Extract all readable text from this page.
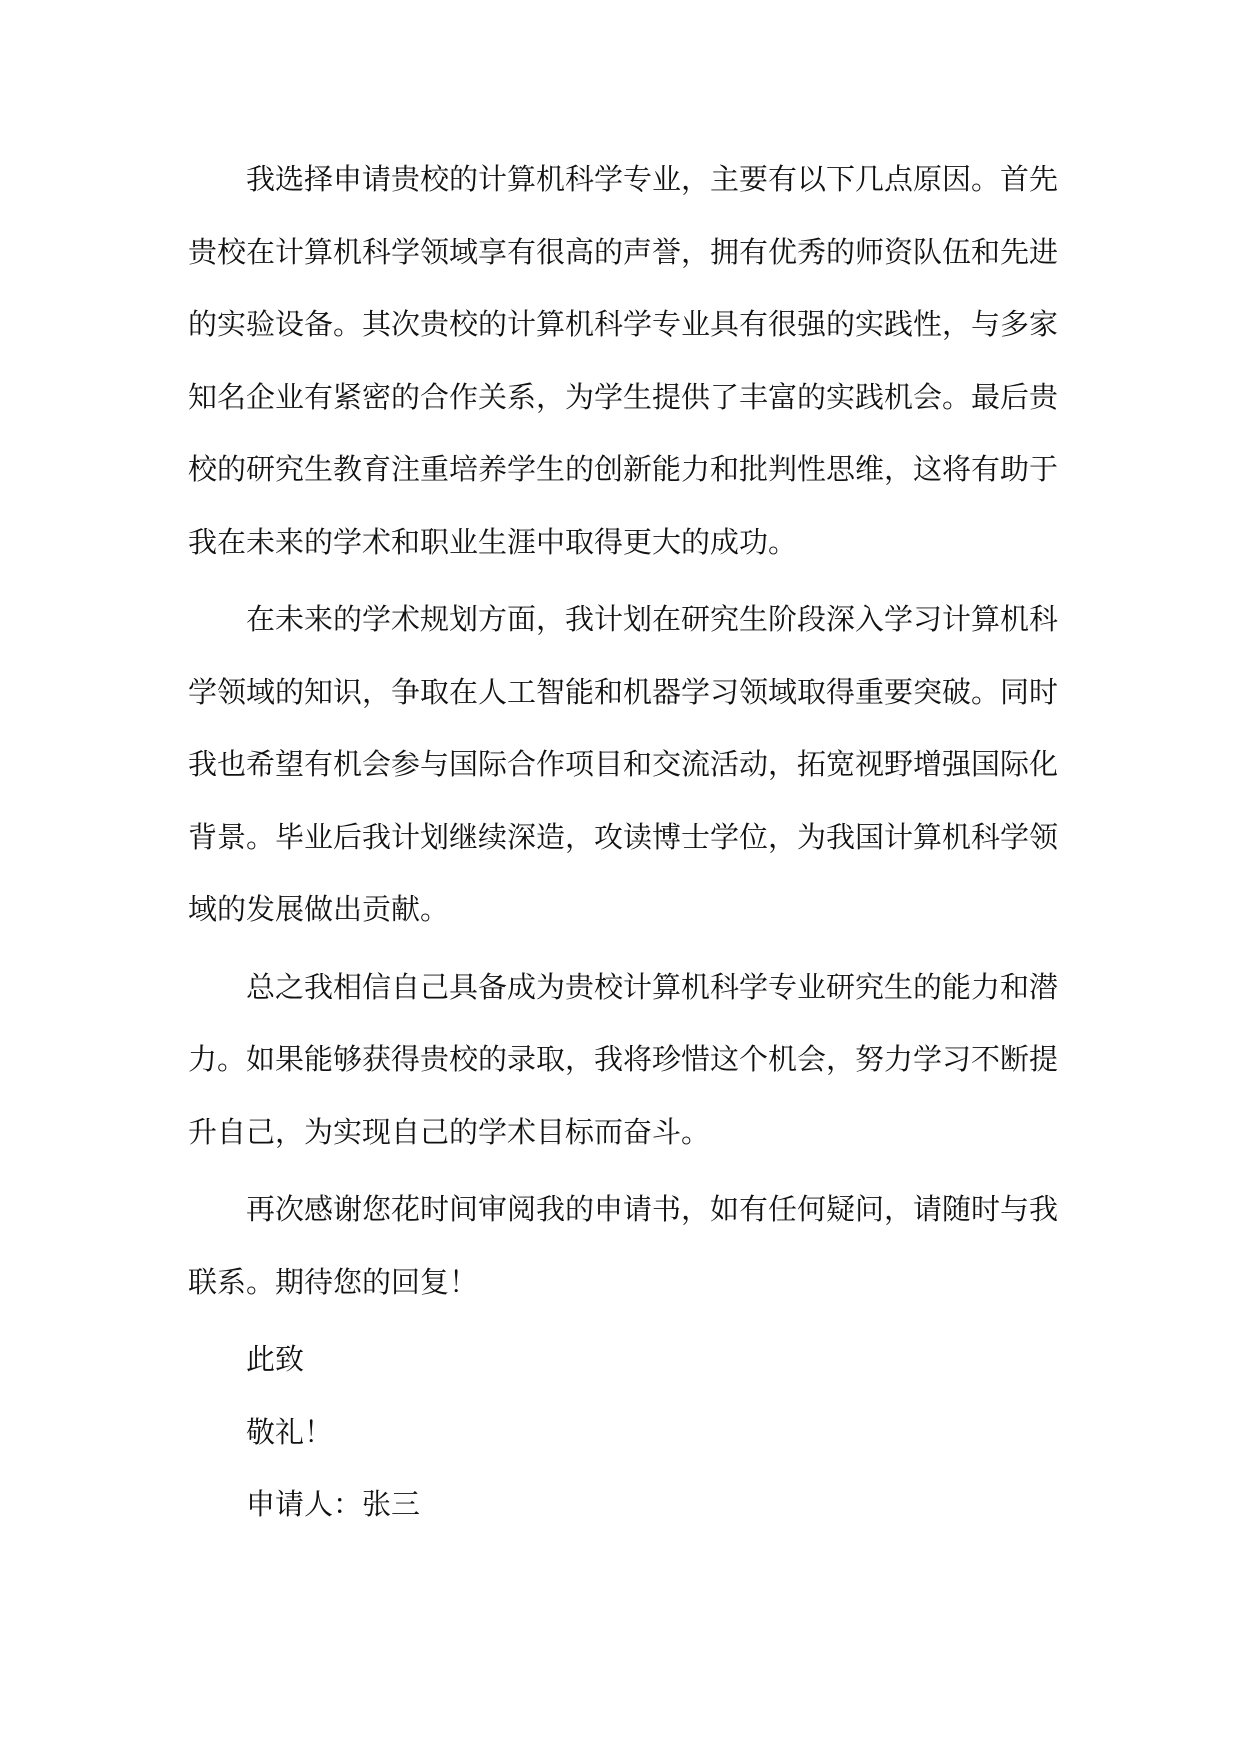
我选择申请贵校的计算机科学专业，主要有以下几点原因。首先贵校在计算机科学领域享有很高的声誉，拥有优秀的师资队伍和先进的实验设备。其次贵校的计算机科学专业具有很强的实践性，与多家知名企业有紧密的合作关系，为学生提供了丰富的实践机会。最后贵校的研究生教育注重培养学生的创新能力和批判性思维，这将有助于我在未来的学术和职业生涯中取得更大的成功。

在未来的学术规划方面，我计划在研究生阶段深入学习计算机科学领域的知识，争取在人工智能和机器学习领域取得重要突破。同时我也希望有机会参与国际合作项目和交流活动，拓宽视野增强国际化背景。毕业后我计划继续深造，攻读博士学位，为我国计算机科学领域的发展做出贡献。

总之我相信自己具备成为贵校计算机科学专业研究生的能力和潜力。如果能够获得贵校的录取，我将珍惜这个机会，努力学习不断提升自己，为实现自己的学术目标而奋斗。

再次感谢您花时间审阅我的申请书，如有任何疑问，请随时与我联系。期待您的回复！

此致

敬礼！

申请人：张三
